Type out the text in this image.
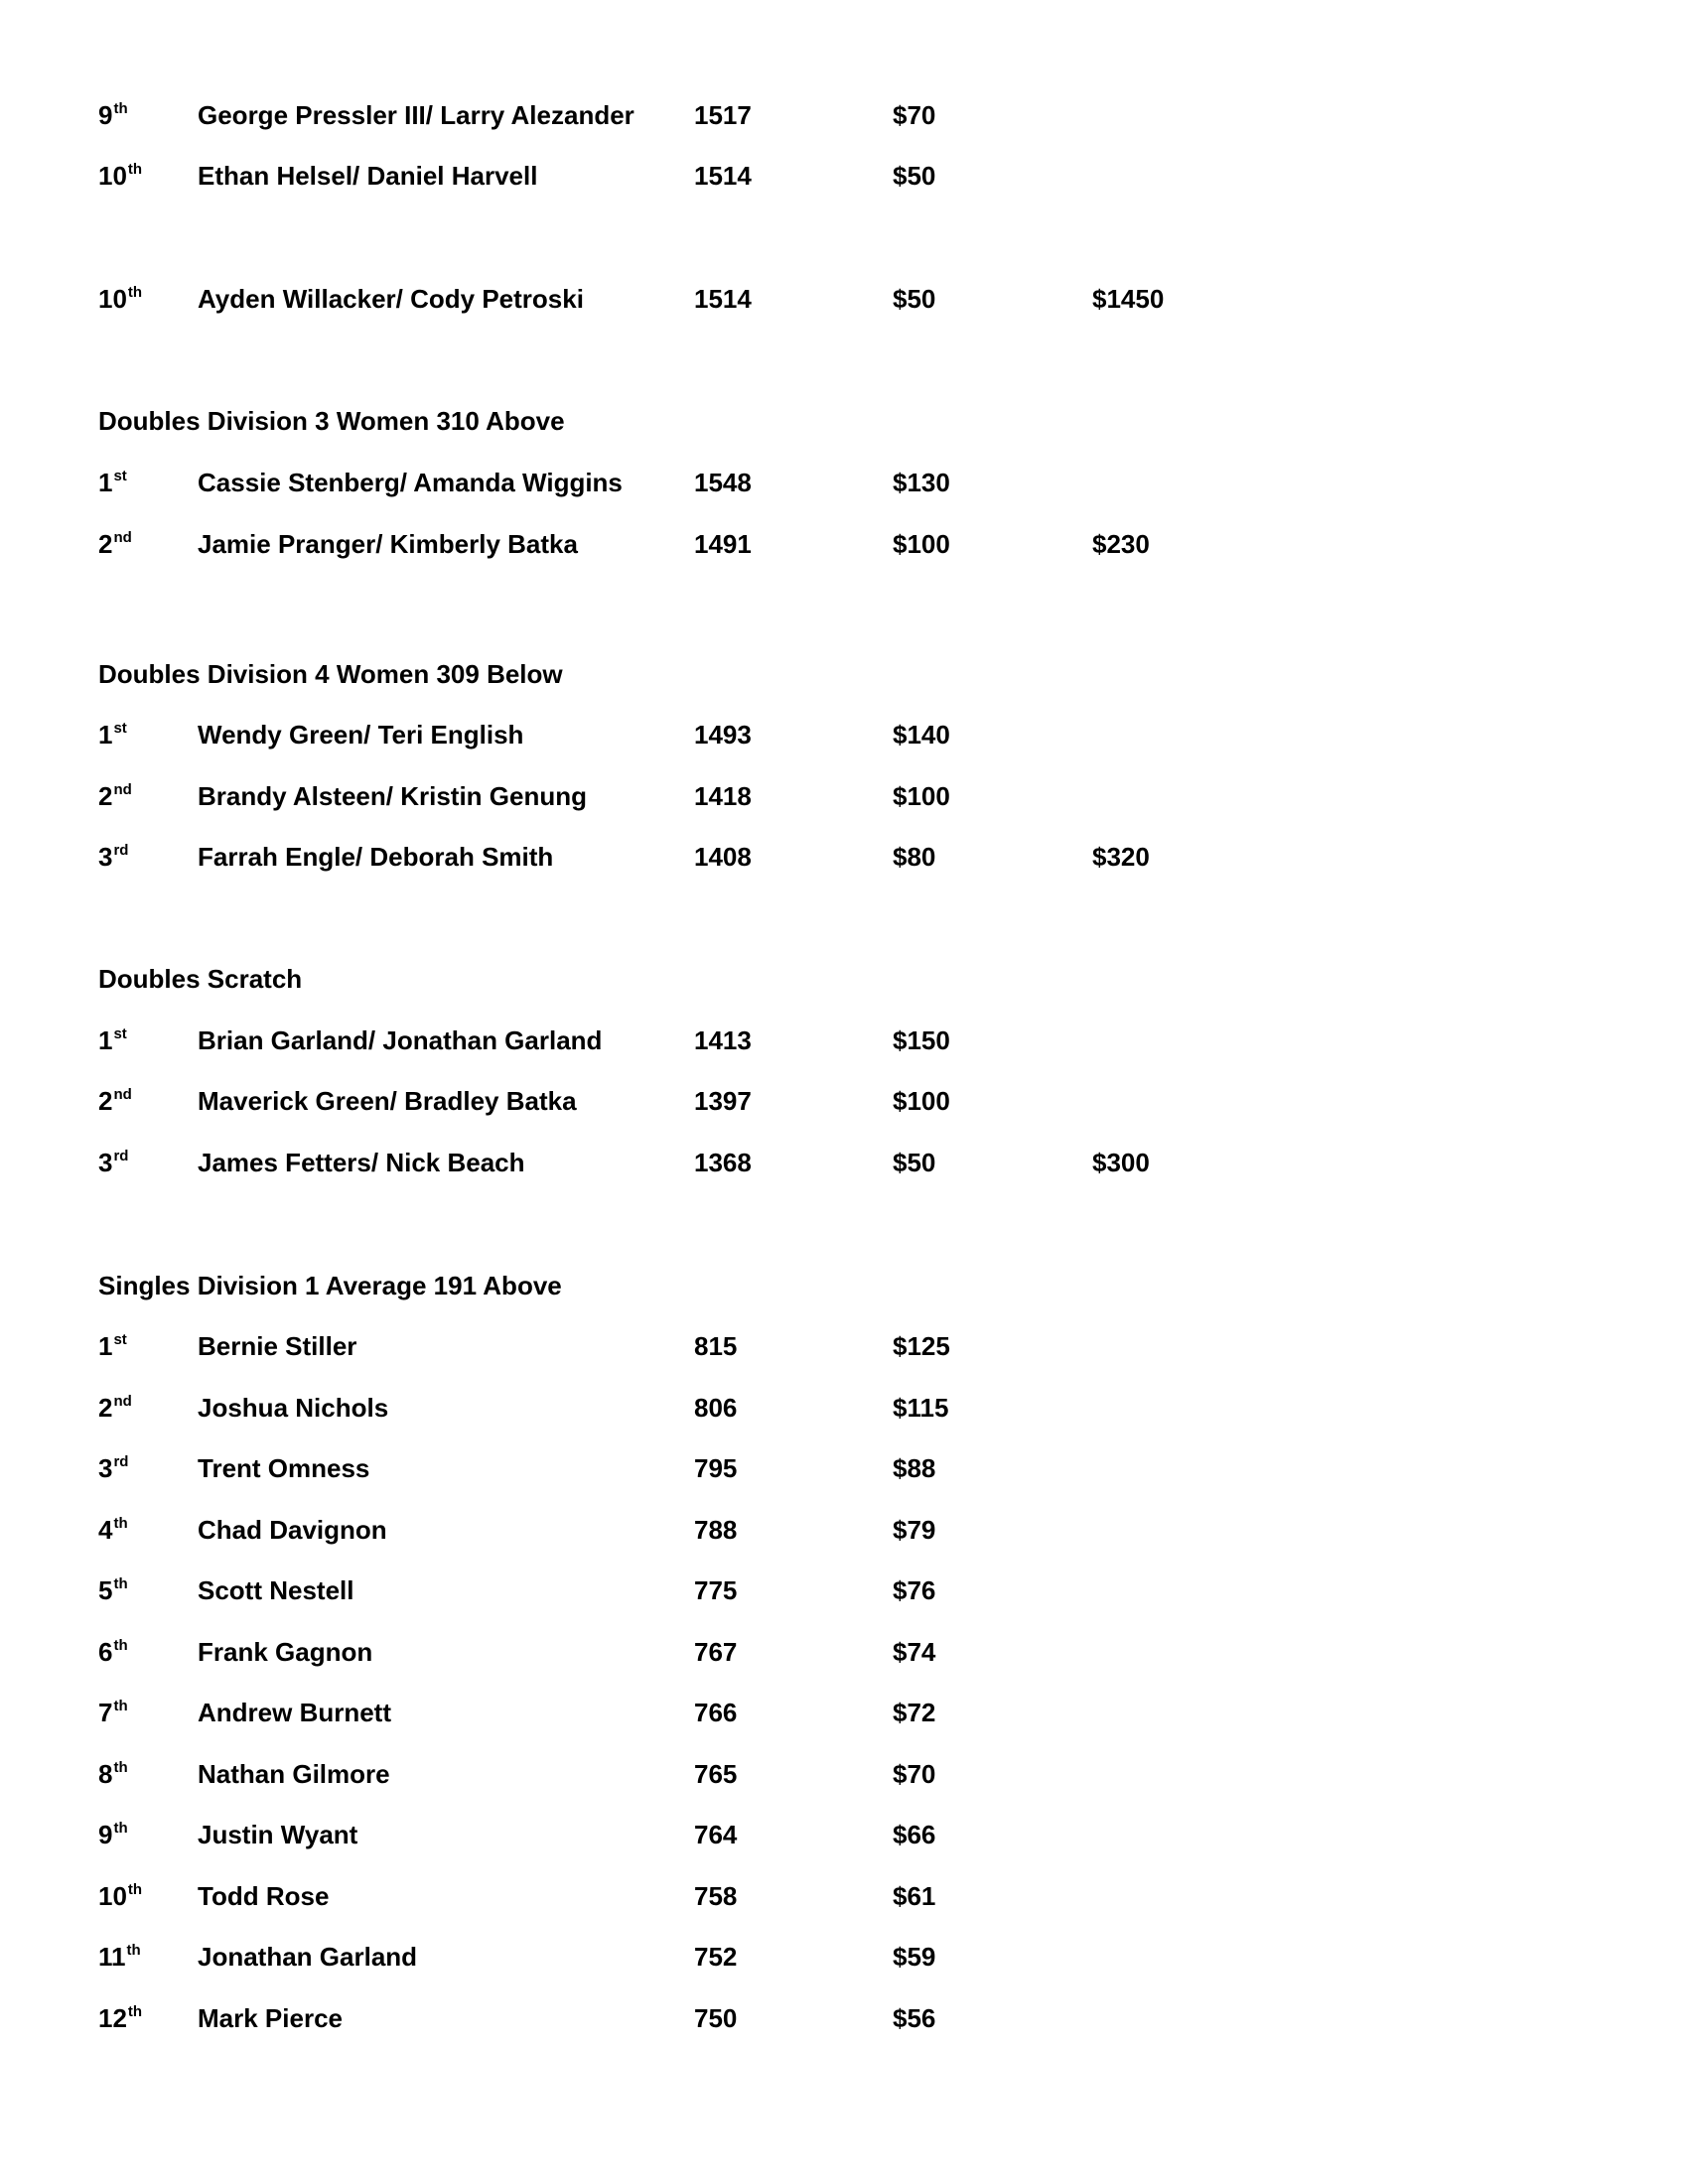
9th	George Pressler III/ Larry Alezander 1517	$70
10th Ethan Helsel/ Daniel Harvell	1514	$50
10th Ayden Willacker/ Cody Petroski	1514	$50	$1450
Doubles Division 3 Women 310 Above
1st	Cassie Stenberg/ Amanda Wiggins	1548	$130
2nd	Jamie Pranger/ Kimberly Batka	1491	$100	$230
Doubles Division 4 Women 309 Below
1st	Wendy Green/ Teri English	1493	$140
2nd	Brandy Alsteen/ Kristin Genung	1418	$100
3rd	Farrah Engle/ Deborah Smith	1408	$80	$320
Doubles Scratch
1st	Brian Garland/ Jonathan Garland	1413	$150
2nd	Maverick Green/ Bradley Batka	1397	$100
3rd	James Fetters/ Nick Beach	1368	$50	$300
Singles Division 1 Average 191 Above
1st	Bernie Stiller	815	$125
2nd	Joshua Nichols	806	$115
3rd	Trent Omness	795	$88
4th	Chad Davignon	788	$79
5th	Scott Nestell	775	$76
6th	Frank Gagnon	767	$74
7th	Andrew Burnett	766	$72
8th	Nathan Gilmore	765	$70
9th	Justin Wyant	764	$66
10th Todd Rose	758	$61
11th Jonathan Garland	752	$59
12th Mark Pierce	750	$56
